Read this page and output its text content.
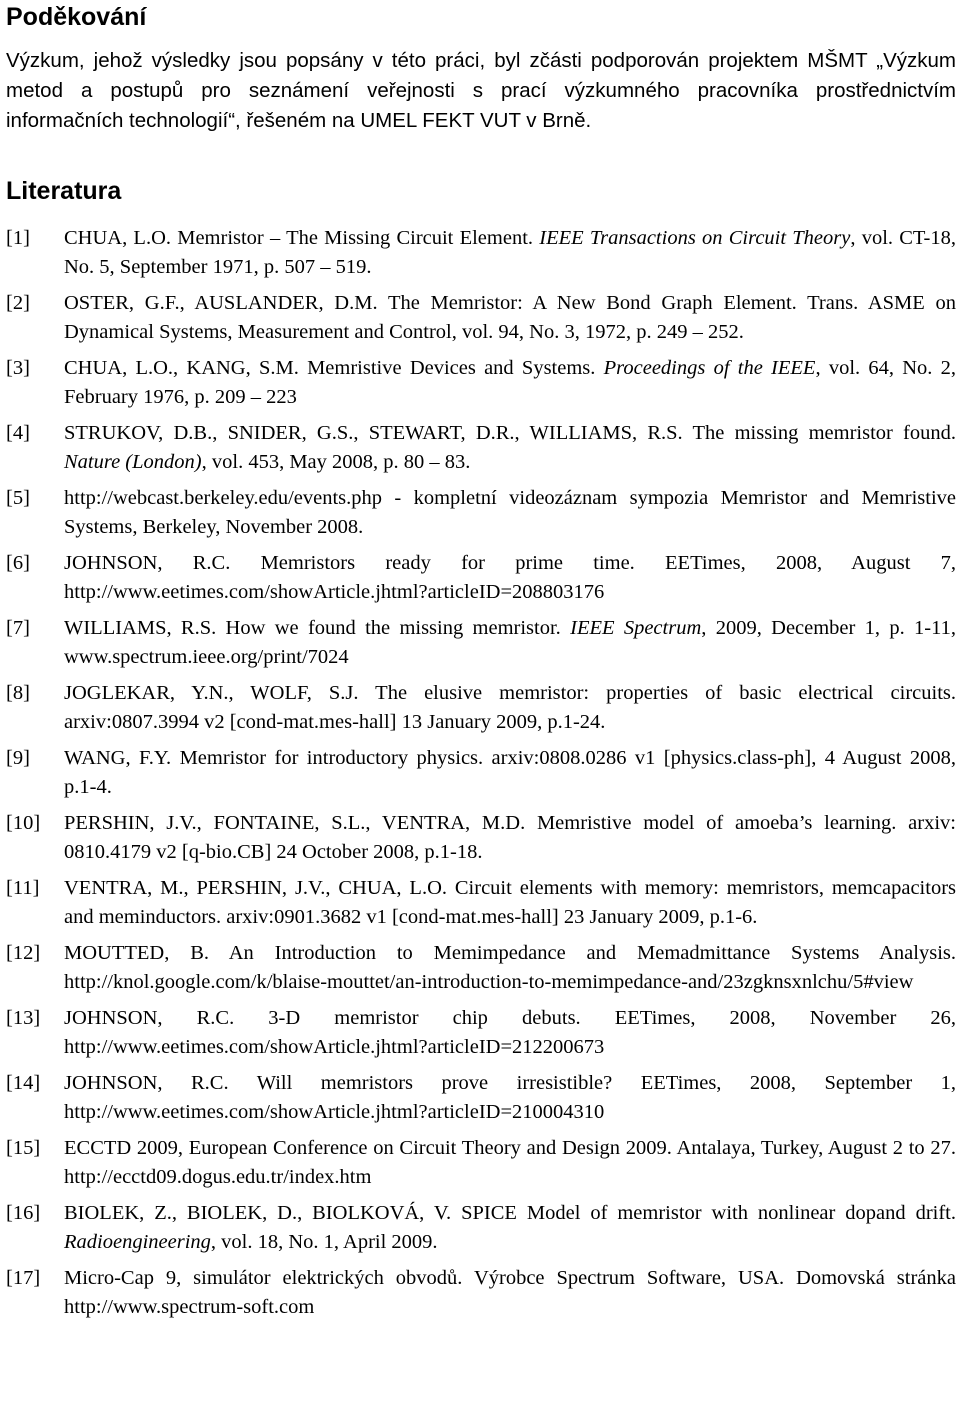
Poděkování

Výzkum, jehož výsledky jsou popsány v této práci, byl zčásti podporován projektem MŠMT „Výzkum metod a postupů pro seznámení veřejnosti s prací výzkumného pracovníka prostřednictvím informačních technologií“, řešeném na UMEL FEKT VUT v Brně.

Literatura
[1] CHUA, L.O. Memristor – The Missing Circuit Element. IEEE Transactions on Circuit Theory, vol. CT-18, No. 5, September 1971, p. 507 – 519.
[2] OSTER, G.F., AUSLANDER, D.M. The Memristor: A New Bond Graph Element. Trans. ASME on Dynamical Systems, Measurement and Control, vol. 94, No. 3, 1972, p. 249 – 252.
[3] CHUA, L.O., KANG, S.M. Memristive Devices and Systems. Proceedings of the IEEE, vol. 64, No. 2, February 1976, p. 209 – 223
[4] STRUKOV, D.B., SNIDER, G.S., STEWART, D.R., WILLIAMS, R.S. The missing memristor found. Nature (London), vol. 453, May 2008, p. 80 – 83.
[5] http://webcast.berkeley.edu/events.php - kompletní videozáznam sympozia Memristor and Memristive Systems, Berkeley, November 2008.
[6] JOHNSON, R.C. Memristors ready for prime time. EETimes, 2008, August 7, http://www.eetimes.com/showArticle.jhtml?articleID=208803176
[7] WILLIAMS, R.S. How we found the missing memristor. IEEE Spectrum, 2009, December 1, p. 1-11, www.spectrum.ieee.org/print/7024
[8] JOGLEKAR, Y.N., WOLF, S.J. The elusive memristor: properties of basic electrical circuits. arxiv:0807.3994 v2 [cond-mat.mes-hall] 13 January 2009, p.1-24.
[9] WANG, F.Y. Memristor for introductory physics. arxiv:0808.0286 v1 [physics.class-ph], 4 August 2008, p.1-4.
[10] PERSHIN, J.V., FONTAINE, S.L., VENTRA, M.D. Memristive model of amoeba’s learning. arxiv: 0810.4179 v2 [q-bio.CB] 24 October 2008, p.1-18.
[11] VENTRA, M., PERSHIN, J.V., CHUA, L.O. Circuit elements with memory: memristors, memcapacitors and meminductors. arxiv:0901.3682 v1 [cond-mat.mes-hall] 23 January 2009, p.1-6.
[12] MOUTTED, B. An Introduction to Memimpedance and Memadmittance Systems Analysis. http://knol.google.com/k/blaise-mouttet/an-introduction-to-memimpedance-and/23zgknsxnlchu/5#view
[13] JOHNSON, R.C. 3-D memristor chip debuts. EETimes, 2008, November 26, http://www.eetimes.com/showArticle.jhtml?articleID=212200673
[14] JOHNSON, R.C. Will memristors prove irresistible? EETimes, 2008, September 1, http://www.eetimes.com/showArticle.jhtml?articleID=210004310
[15] ECCTD 2009, European Conference on Circuit Theory and Design 2009. Antalaya, Turkey, August 2 to 27. http://ecctd09.dogus.edu.tr/index.htm
[16] BIOLEK, Z., BIOLEK, D., BIOLKOVÁ, V. SPICE Model of memristor with nonlinear dopand drift. Radioengineering, vol. 18, No. 1, April 2009.
[17] Micro-Cap 9, simulátor elektrických obvodů. Výrobce Spectrum Software, USA. Domovská stránka http://www.spectrum-soft.com
